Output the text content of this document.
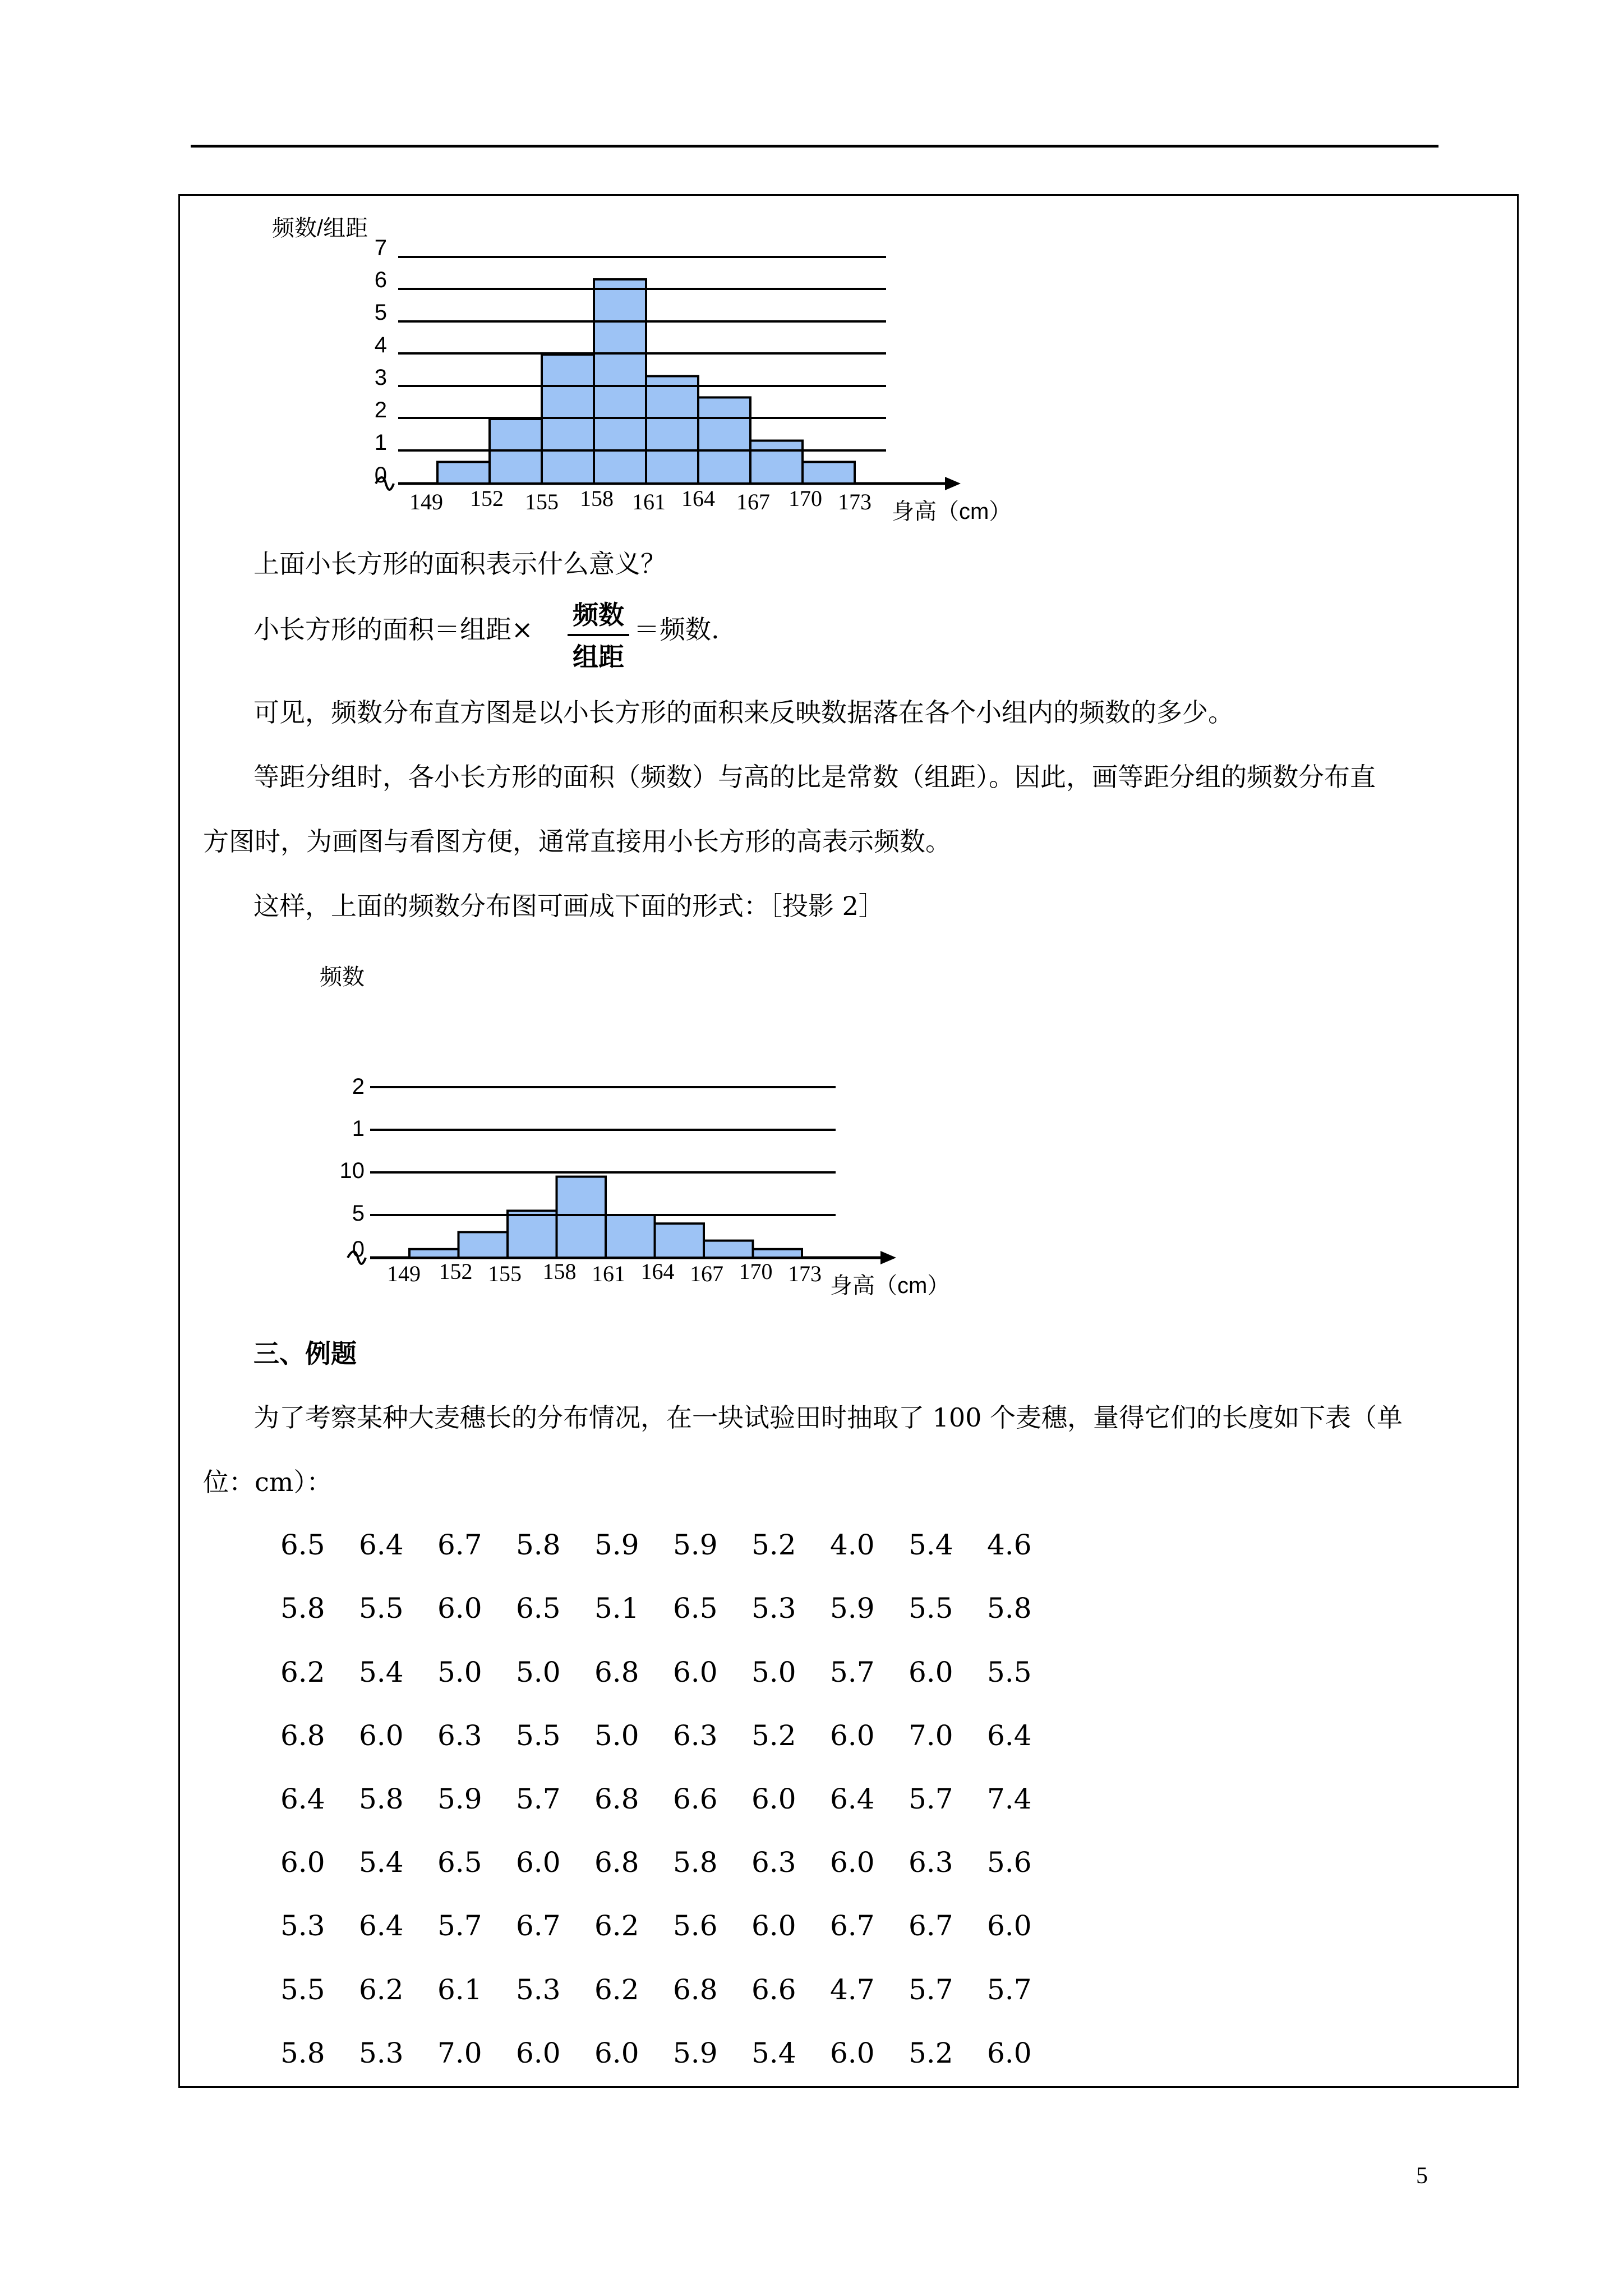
0
1
2
3
4
5
6
7
149 152 155 158 161 164 167 170 173
频数/组距
身高（cm）
上面小长方形的面积表示什么意义？
小长方形的面积＝组距× 频数
组距
＝频数.
可见，频数分布直方图是以小长方形的面积来反映数据落在各个小组内的频数的多少。
等距分组时，各小长方形的面积（频数）与高的比是常数（组距）。因此，画等距分组的频数分布直
方图时，为画图与看图方便，通常直接用小长方形的高表示频数。
这样，上面的频数分布图可画成下面的形式：［投影 2］
0
5
10
1
2
149 152 155 158 161 164 167 170 173
频数
身高（cm）
三、例题
为了考察某种大麦穗长的分布情况，在一块试验田时抽取了 100 个麦穗，量得它们的长度如下表（单
位：cm）：
6.5 6.4 6.7 5.8 5.9 5.9 5.2 4.0 5.4 4.6
5.8 5.5 6.0 6.5 5.1 6.5 5.3 5.9 5.5 5.8
6.2 5.4 5.0 5.0 6.8 6.0 5.0 5.7 6.0 5.5
6.8 6.0 6.3 5.5 5.0 6.3 5.2 6.0 7.0 6.4
6.4 5.8 5.9 5.7 6.8 6.6 6.0 6.4 5.7 7.4
6.0 5.4 6.5 6.0 6.8 5.8 6.3 6.0 6.3 5.6
5.3 6.4 5.7 6.7 6.2 5.6 6.0 6.7 6.7 6.0
5.5 6.2 6.1 5.3 6.2 6.8 6.6 4.7 5.7 5.7
5.8 5.3 7.0 6.0 6.0 5.9 5.4 6.0 5.2 6.0
5
